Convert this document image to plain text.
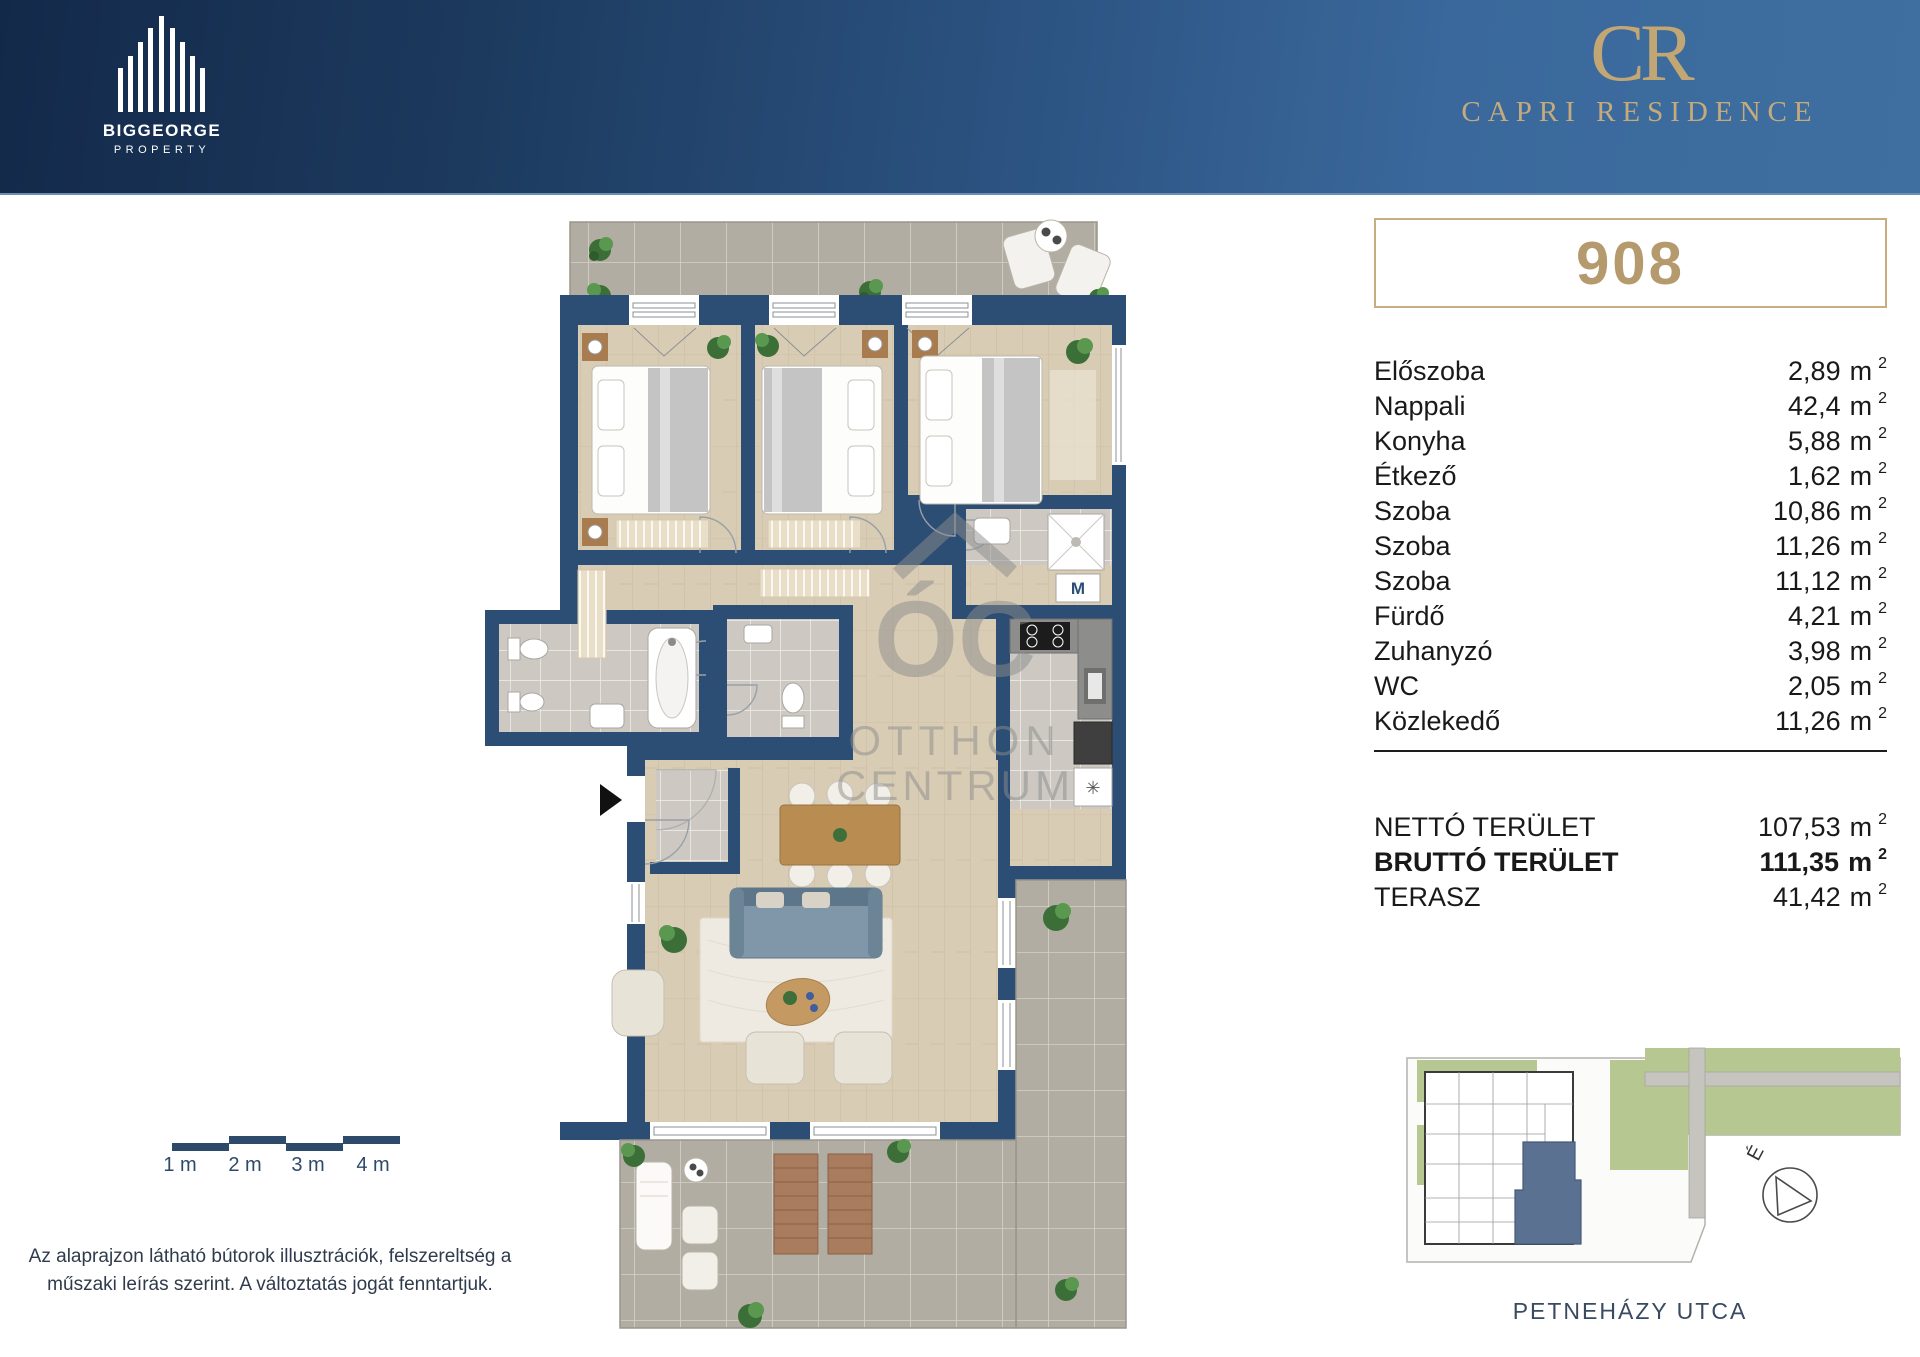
BIGGEORGE
PROPERTY
CR
CAPRI RESIDENCE
908
Előszoba	2,89 m $^2$
Nappali	42,4 m $^2$
Konyha	5,88 m $^2$
Étkező	1,62 m $^2$
Szoba	10,86 m $^2$
Szoba	11,26 m $^2$
Szoba	11,12 m $^2$
Fürdő	4,21 m $^2$
Zuhanyzó	3,98 m $^2$
WC	2,05 m $^2$
Közlekedő	11,26 m $^2$
NETTÓ TERÜLET	107,53 m $^2$
BRUTTÓ TERÜLET	111,35 m $^2$
TERASZ	41,42 m $^2$
1 m	2 m	3 m	4 m
Az alaprajzon látható bútorok illusztrációk, felszereltség a
műszaki leírás szerint. A változtatás jogát fenntartjuk.
É
PETNEHÁZY UTCA
M
✳
ÓC
OTTHON
CENTRUM
